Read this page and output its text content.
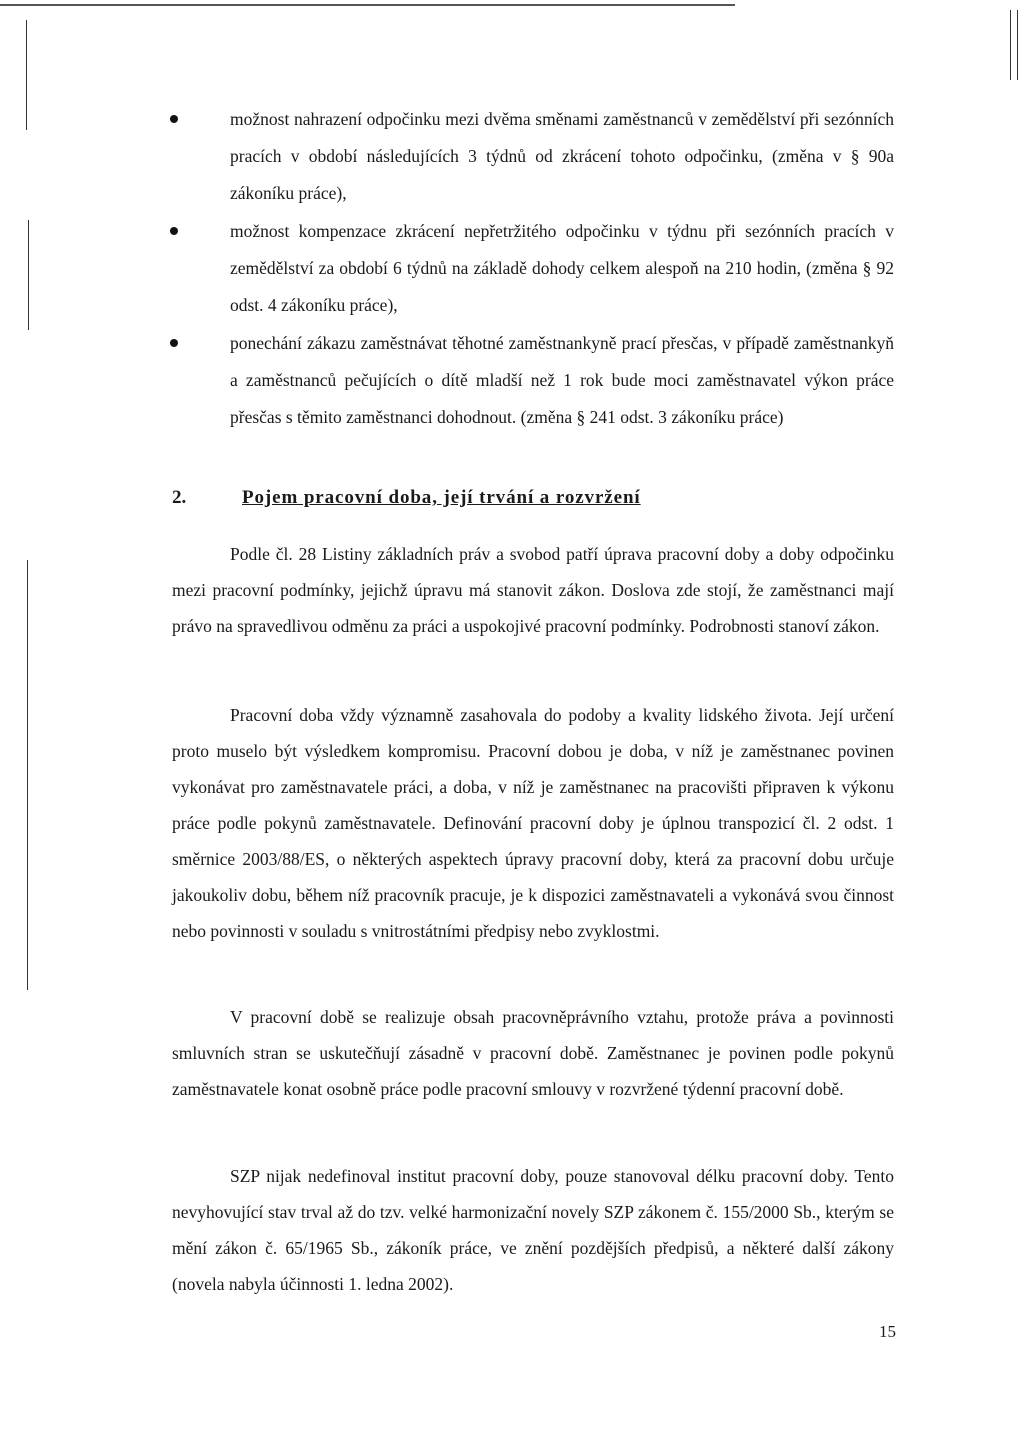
možnost nahrazení odpočinku mezi dvěma směnami zaměstnanců v zemědělství při sezónních pracích v období následujících 3 týdnů od zkrácení tohoto odpočinku, (změna v § 90a zákoníku práce),
možnost kompenzace zkrácení nepřetržitého odpočinku v týdnu při sezónních pracích v zemědělství za období 6 týdnů na základě dohody celkem alespoň na 210 hodin, (změna § 92 odst. 4 zákoníku práce),
ponechání zákazu zaměstnávat těhotné zaměstnankyně prací přesčas, v případě zaměstnankyň a zaměstnanců pečujících o dítě mladší než 1 rok bude moci zaměstnavatel výkon práce přesčas s těmito zaměstnanci dohodnout. (změna § 241 odst. 3 zákoníku práce)
2.	Pojem pracovní doba, její trvání a rozvržení

Podle čl. 28 Listiny základních práv a svobod patří úprava pracovní doby a doby odpočinku mezi pracovní podmínky, jejichž úpravu má stanovit zákon. Doslova zde stojí, že zaměstnanci mají právo na spravedlivou odměnu za práci a uspokojivé pracovní podmínky. Podrobnosti stanoví zákon.

Pracovní doba vždy významně zasahovala do podoby a kvality lidského života. Její určení proto muselo být výsledkem kompromisu. Pracovní dobou je doba, v níž je zaměstnanec povinen vykonávat pro zaměstnavatele práci, a doba, v níž je zaměstnanec na pracovišti připraven k výkonu práce podle pokynů zaměstnavatele. Definování pracovní doby je úplnou transpozicí čl. 2 odst. 1 směrnice 2003/88/ES, o některých aspektech úpravy pracovní doby, která za pracovní dobu určuje jakoukoliv dobu, během níž pracovník pracuje, je k dispozici zaměstnavateli a vykonává svou činnost nebo povinnosti v souladu s vnitrostátními předpisy nebo zvyklostmi.

V pracovní době se realizuje obsah pracovněprávního vztahu, protože práva a povinnosti smluvních stran se uskutečňují zásadně v pracovní době. Zaměstnanec je povinen podle pokynů zaměstnavatele konat osobně práce podle pracovní smlouvy v rozvržené týdenní pracovní době.

SZP nijak nedefinoval institut pracovní doby, pouze stanovoval délku pracovní doby. Tento nevyhovující stav trval až do tzv. velké harmonizační novely SZP zákonem č. 155/2000 Sb., kterým se mění zákon č. 65/1965 Sb., zákoník práce, ve znění pozdějších předpisů, a některé další zákony (novela nabyla účinnosti 1. ledna 2002).

15
